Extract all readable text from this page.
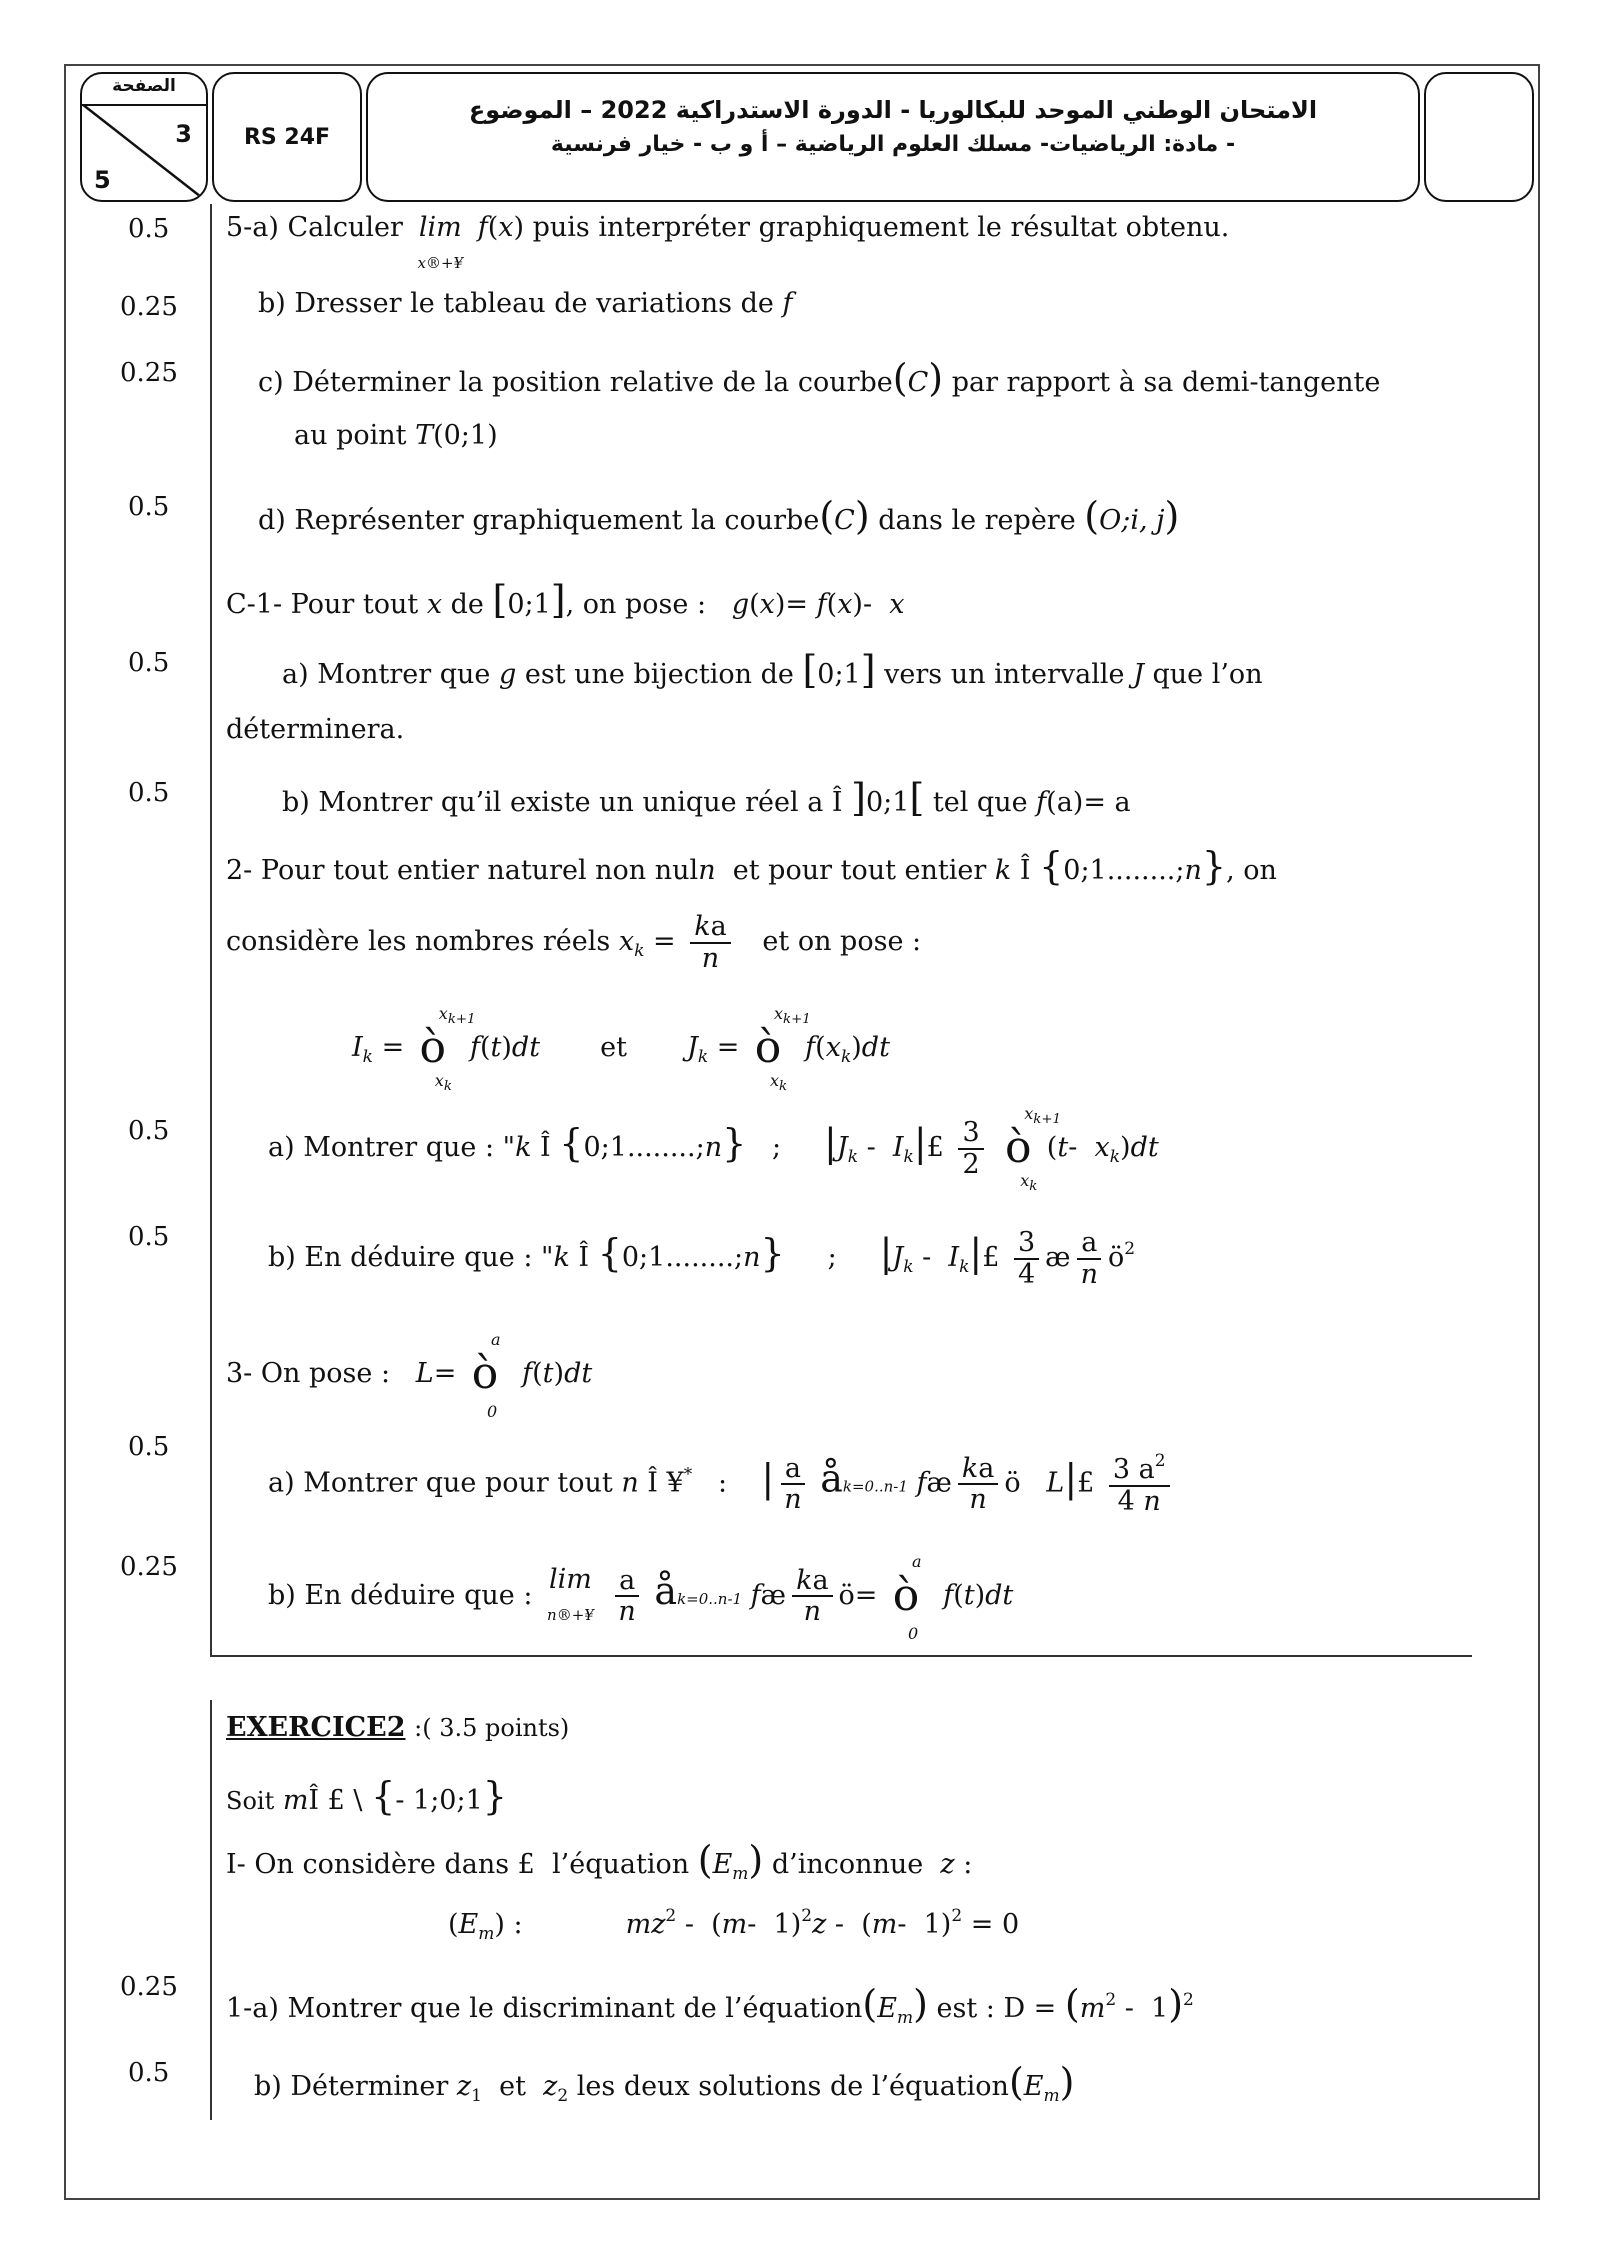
الصفحة
3
5
RS 24F
الامتحان الوطني الموحد للبكالوريا - الدورة الاستدراكية 2022 – الموضوع
- مادة: الرياضيات- مسلك العلوم الرياضية – أ و ب - خيار فرنسية
0.5
0.25
0.25
0.5
0.5
0.5
0.5
0.5
0.5
0.25
0.25
0.5
5-a) Calculer lim
x®+¥ f(x) puis interpréter graphiquement le résultat obtenu.
b) Dresser le tableau de variations de f
c) Déterminer la position relative de la courbe(C) par rapport à sa demi-tangente
au point T(0;1)
d) Représenter graphiquement la courbe(C) dans le repère (O;i, j)
C-1- Pour tout x de [0;1], on pose : g(x)= f(x)-  x
a) Montrer que g est une bijection de [0;1] vers un intervalle J que l’on
déterminera.
b) Montrer qu’il existe un unique réel a Î ]0;1[ tel que f(a)= a
2- Pour tout entier naturel non nuln et pour tout entier k Î {0;1........;n}, on
considère les nombres réels $x_k = \frac{ka}{n}$ et on pose :
$I_k$ = ò
$x_{k+1}$
$x_k$
f(t)dt et $J_k$ = ò
$x_{k+1}$
$x_k$
$f(x_k)dt$
a) Montrer que : "k Î {0;1........;n}   ;     $|J_k$ -  $I_k|£ \frac{3}{2}$ ò
$x_{k+1}$
$x_k$
(t-  $x_k)dt$
b) En déduire que : "k Î {0;1........;n}     ;     $|J_k$ -  $I_k|£ \frac{3}{4}$ æ $\frac{a}{n}$ $ö^2$
3- On pose : L= ò
a
0
f(t)dt
a) Montrer que pour tout n Î ¥*   :    | $\frac{a}{n}$ åk=0..n-1 fæ $\frac{ka}{n}$ ö   L|£ $\frac{3 a^2}{4 n}$
b) En déduire que : lim
n®+¥ $\frac{a}{n}$ åk=0..n-1 fæ $\frac{ka}{n}$ ö= ò
a
0
f(t)dt
EXERCICE2 :( 3.5 points)
Soit mÎ £ \ {- 1;0;1}
I- On considère dans £  l’équation $(E_m)$ d’inconnue z :
$(E_m)$ :            $mz^2 - (m-$  1)$^2$z -  (m-  1)$^2$ = 0
1-a) Montrer que le discriminant de $l’équation(E_m)$ est : $D = (m^2 - 1)^2$
b) Déterminer $z_1$ et $z_2$ les deux solutions de $l’équation(E_m)$
